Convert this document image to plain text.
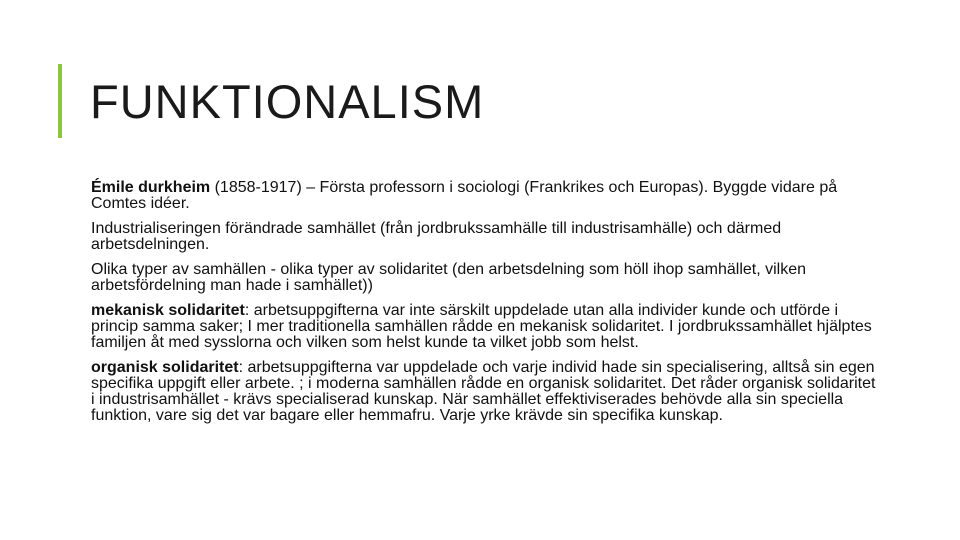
FUNKTIONALISM

Émile durkheim (1858-1917) – Första professorn i sociologi (Frankrikes och Europas). Byggde vidare på Comtes idéer.

Industrialiseringen förändrade samhället (från jordbrukssamhälle till industrisamhälle) och därmed arbetsdelningen.

Olika typer av samhällen - olika typer av solidaritet (den arbetsdelning som höll ihop samhället, vilken arbetsfördelning man hade i samhället))

mekanisk solidaritet: arbetsuppgifterna var inte särskilt uppdelade utan alla individer kunde och utförde i princip samma saker; I mer traditionella samhällen rådde en mekanisk solidaritet. I jordbrukssamhället hjälptes familjen åt med sysslorna och vilken som helst kunde ta vilket jobb som helst.

organisk solidaritet: arbetsuppgifterna var uppdelade och varje individ hade sin specialisering, alltså sin egen specifika uppgift eller arbete. ; i moderna samhällen rådde en organisk solidaritet. Det råder organisk solidaritet i industrisamhället - krävs specialiserad kunskap. När samhället effektiviserades behövde alla sin speciella funktion, vare sig det var bagare eller hemmafru. Varje yrke krävde sin specifika kunskap.
